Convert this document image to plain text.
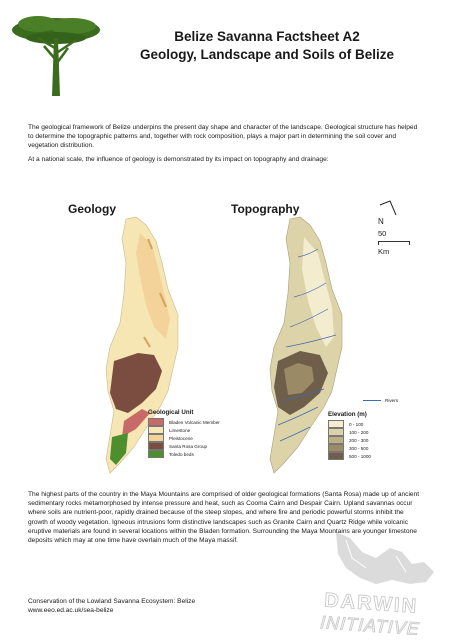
Belize Savanna Factsheet A2

Geology, Landscape and Soils of Belize

The geological framework of Belize underpins the present day shape and character of the landscape. Geological structure has helped to determine the topographic patterns and, together with rock composition, plays a major part in determining the soil cover and vegetation distribution.

At a national scale, the influence of geology is demonstrated by its impact on topography and drainage:

Geology	Topography
N
50
Km
Geological Unit
Bladen Volcanic Member
Limestone
Pleistocene
Santa Rosa Group
Toledo beds
Rivers
Elevation (m)
0 - 100
100 - 200
200 - 300
300 - 500
500 - 1000

The highest parts of the country in the Maya Mountains are comprised of older geological formations (Santa Rosa) made up of ancient sedimentary rocks metamorphosed by intense pressure and heat, such as Cooma Cairn and Despair Cairn. Upland savannas occur where soils are nutrient-poor, rapidly drained because of the steep slopes, and where fire and periodic powerful storms inhibit the growth of woody vegetation. Igneous intrusions form distinctive landscapes such as Granite Cairn and Quartz Ridge while volcanic eruptive materials are found in several locations within the Bladen formation. Surrounding the Maya Mountains are younger limestone deposits which may at one time have overlain much of the Maya massif.

Conservation of the Lowland Savanna Ecosystem: Belize
www.eeo.ed.ac.uk/sea-belize	DARWIN
INITIATIVE
